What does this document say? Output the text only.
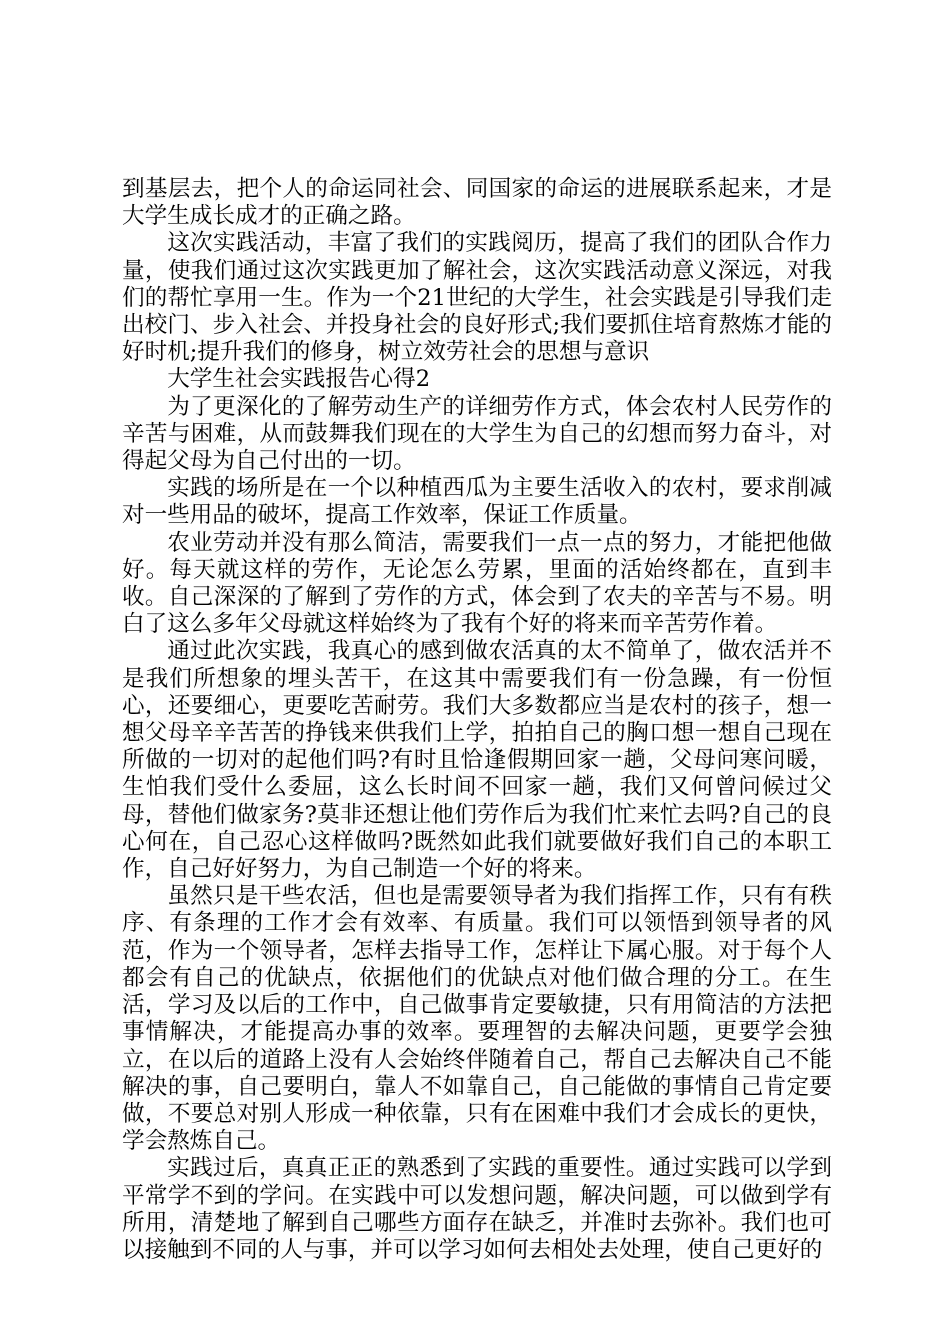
到基层去，把个人的命运同社会、同国家的命运的进展联系起来，才是大学生成长成才的正确之路。

这次实践活动，丰富了我们的实践阅历，提高了我们的团队合作力量，使我们通过这次实践更加了解社会，这次实践活动意义深远，对我们的帮忙享用一生。作为一个21世纪的大学生，社会实践是引导我们走出校门、步入社会、并投身社会的良好形式;我们要抓住培育熬炼才能的好时机;提升我们的修身，树立效劳社会的思想与意识

大学生社会实践报告心得2

为了更深化的了解劳动生产的详细劳作方式，体会农村人民劳作的辛苦与困难，从而鼓舞我们现在的大学生为自己的幻想而努力奋斗，对得起父母为自己付出的一切。

实践的场所是在一个以种植西瓜为主要生活收入的农村，要求削减对一些用品的破坏，提高工作效率，保证工作质量。

农业劳动并没有那么简洁，需要我们一点一点的努力，才能把他做好。每天就这样的劳作，无论怎么劳累，里面的活始终都在，直到丰收。自己深深的了解到了劳作的方式，体会到了农夫的辛苦与不易。明白了这么多年父母就这样始终为了我有个好的将来而辛苦劳作着。

通过此次实践，我真心的感到做农活真的太不简单了，做农活并不是我们所想象的埋头苦干，在这其中需要我们有一份急躁，有一份恒心，还要细心，更要吃苦耐劳。我们大多数都应当是农村的孩子，想一想父母辛辛苦苦的挣钱来供我们上学，拍拍自己的胸口想一想自己现在所做的一切对的起他们吗?有时且恰逢假期回家一趟，父母问寒问暖，生怕我们受什么委屈，这么长时间不回家一趟，我们又何曾问候过父母，替他们做家务?莫非还想让他们劳作后为我们忙来忙去吗?自己的良心何在，自己忍心这样做吗?既然如此我们就要做好我们自己的本职工作，自己好好努力，为自己制造一个好的将来。

虽然只是干些农活，但也是需要领导者为我们指挥工作，只有有秩序、有条理的工作才会有效率、有质量。我们可以领悟到领导者的风范，作为一个领导者，怎样去指导工作，怎样让下属心服。对于每个人都会有自己的优缺点，依据他们的优缺点对他们做合理的分工。在生活，学习及以后的工作中，自己做事肯定要敏捷，只有用简洁的方法把事情解决，才能提高办事的效率。要理智的去解决问题，更要学会独立，在以后的道路上没有人会始终伴随着自己，帮自己去解决自己不能解决的事，自己要明白，靠人不如靠自己，自己能做的事情自己肯定要做，不要总对别人形成一种依靠，只有在困难中我们才会成长的更快，学会熬炼自己。

实践过后，真真正正的熟悉到了实践的重要性。通过实践可以学到平常学不到的学问。在实践中可以发想问题，解决问题，可以做到学有所用，清楚地了解到自己哪些方面存在缺乏，并准时去弥补。我们也可以接触到不同的人与事，并可以学习如何去相处去处理，使自己更好的
